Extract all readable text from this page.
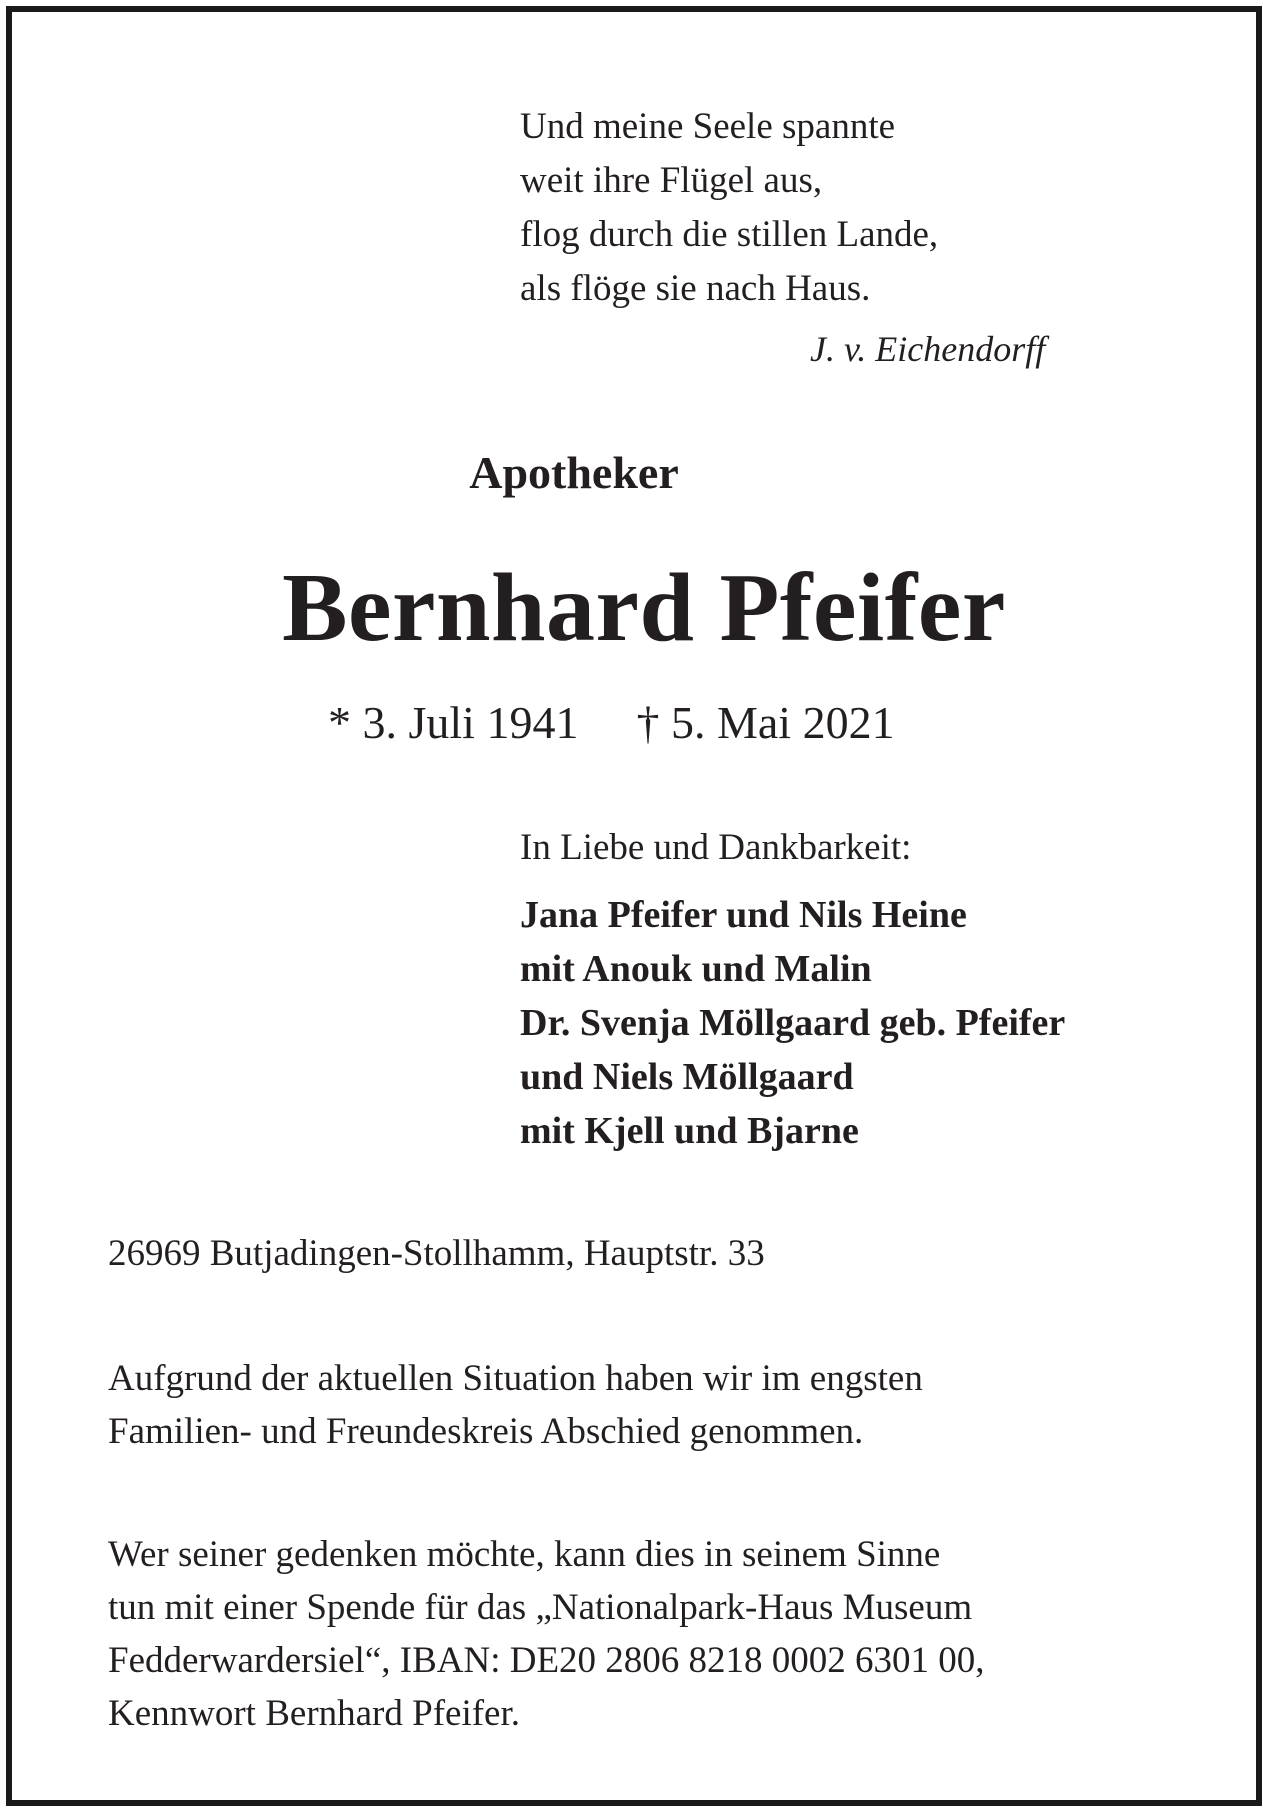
Und meine Seele spannte
weit ihre Flügel aus,
flog durch die stillen Lande,
als flöge sie nach Haus.
J. v. Eichendorff
Apotheker
Bernhard Pfeifer
* 3. Juli 1941 † 5. Mai 2021
In Liebe und Dankbarkeit:
Jana Pfeifer und Nils Heine
mit Anouk und Malin
Dr. Svenja Möllgaard geb. Pfeifer
und Niels Möllgaard
mit Kjell und Bjarne
26969 Butjadingen-Stollhamm, Hauptstr. 33
Aufgrund der aktuellen Situation haben wir im engsten
Familien- und Freundeskreis Abschied genommen.
Wer seiner gedenken möchte, kann dies in seinem Sinne
tun mit einer Spende für das „Nationalpark-Haus Museum
Fedderwardersiel“, IBAN: DE20 2806 8218 0002 6301 00,
Kennwort Bernhard Pfeifer.
